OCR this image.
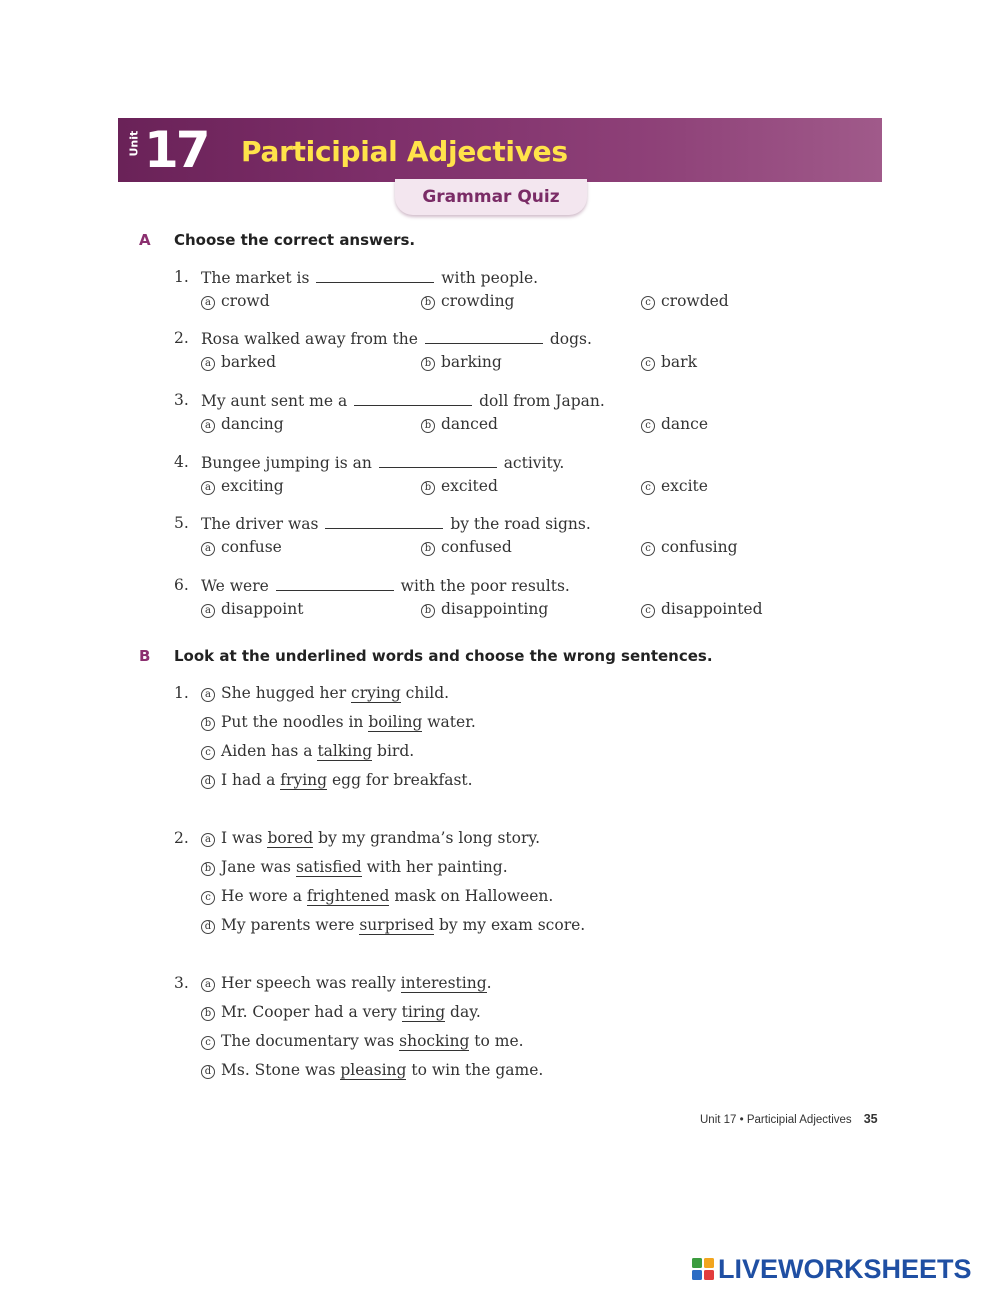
Unit 17 Participial Adjectives
Grammar Quiz
A Choose the correct answers.
1. The market is	with people.
a crowd	b crowding	c crowded
2. Rosa walked away from the	dogs.
a barked	b barking	c bark
3. My aunt sent me a	doll from Japan.
a dancing	b danced	c dance
4. Bungee jumping is an	activity.
a exciting	b excited	c excite
5. The driver was	by the road signs.
a confuse	b confused	c confusing
6. We were	with the poor results.
a disappoint	b disappointing	c disappointed
B Look at the underlined words and choose the wrong sentences.
1.	a She hugged her crying child.
b Put the noodles in boiling water.
c Aiden has a talking bird.
d I had a frying egg for breakfast.
2.	a I was bored by my grandma’s long story.
b Jane was satisfied with her painting.
c He wore a frightened mask on Halloween.
d My parents were surprised by my exam score.
3.	a Her speech was really interesting.
b Mr. Cooper had a very tiring day.
c The documentary was shocking to me.
d Ms. Stone was pleasing to win the game.
Unit 17 • Participial Adjectives 35
LIVEWORKSHEETS
